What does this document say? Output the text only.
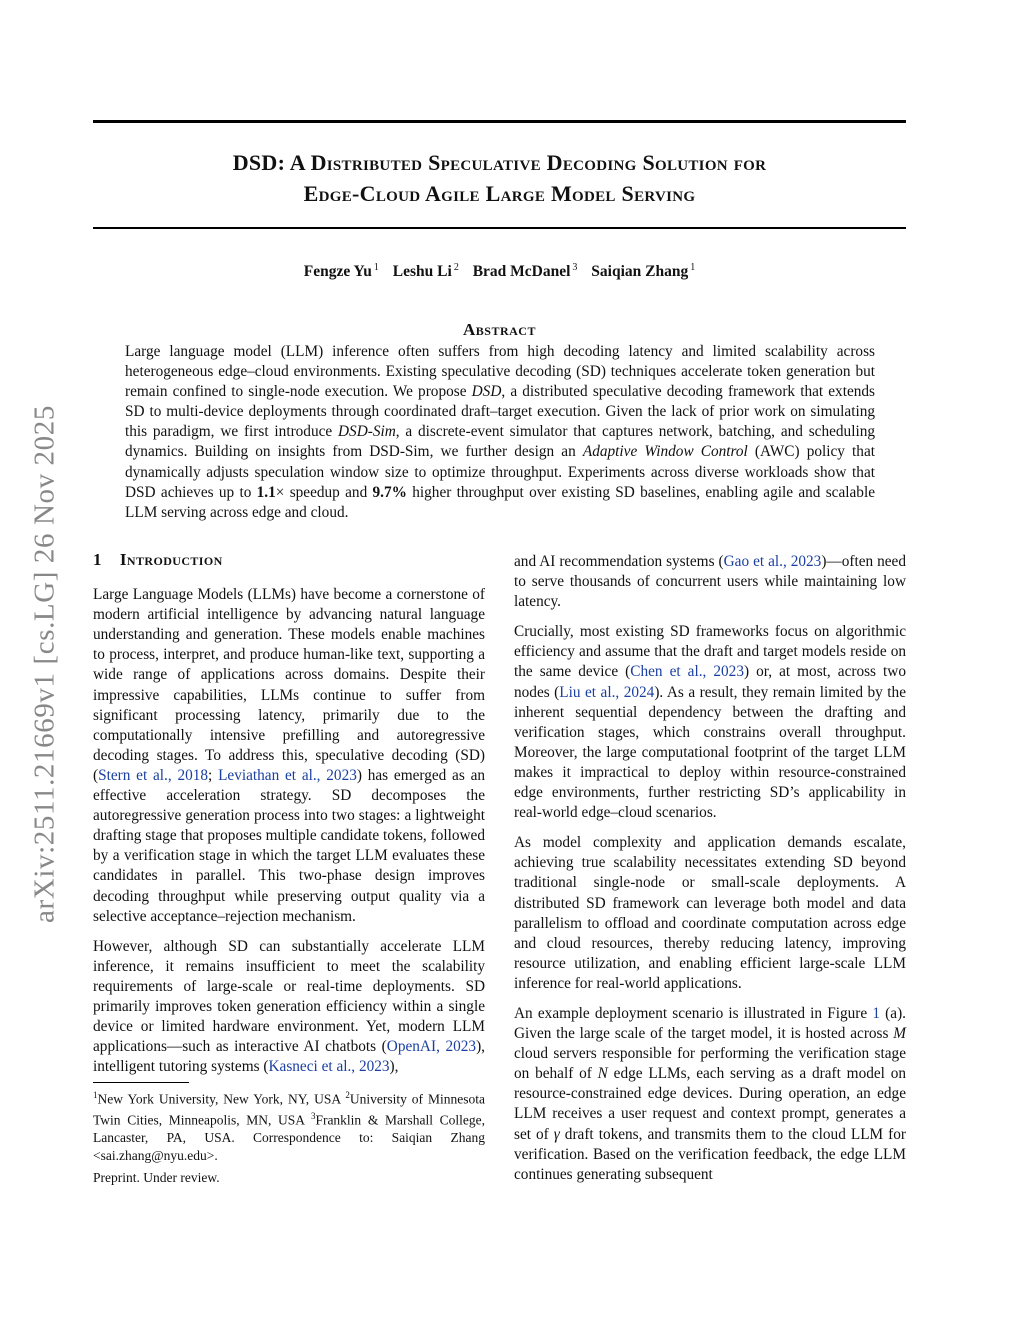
arXiv:2511.21669v1 [cs.LG] 26 Nov 2025
DSD: A Distributed Speculative Decoding Solution for
Edge-Cloud Agile Large Model Serving
Fengze Yu $^1$ Leshu Li $^2$ Brad McDanel $^3$ Saiqian Zhang $^1$
Abstract

Large language model (LLM) inference often suffers from high decoding latency and limited scalability across heterogeneous edge–cloud environments. Existing speculative decoding (SD) techniques accelerate token generation but remain confined to single-node execution. We propose DSD, a distributed speculative decoding framework that extends SD to multi-device deployments through coordinated draft–target execution. Given the lack of prior work on simulating this paradigm, we first introduce DSD-Sim, a discrete-event simulator that captures network, batching, and scheduling dynamics. Building on insights from DSD-Sim, we further design an Adaptive Window Control (AWC) policy that dynamically adjusts speculation window size to optimize throughput. Experiments across diverse workloads show that DSD achieves up to 1.1× speedup and 9.7% higher throughput over existing SD baselines, enabling agile and scalable LLM serving across edge and cloud.

1 Introduction

Large Language Models (LLMs) have become a cornerstone of modern artificial intelligence by advancing natural language understanding and generation. These models enable machines to process, interpret, and produce human-like text, supporting a wide range of applications across domains. Despite their impressive capabilities, LLMs continue to suffer from significant processing latency, primarily due to the computationally intensive prefilling and autoregressive decoding stages. To address this, speculative decoding (SD) (Stern et al., 2018; Leviathan et al., 2023) has emerged as an effective acceleration strategy. SD decomposes the autoregressive generation process into two stages: a lightweight drafting stage that proposes multiple candidate tokens, followed by a verification stage in which the target LLM evaluates these candidates in parallel. This two-phase design improves decoding throughput while preserving output quality via a selective acceptance–rejection mechanism.

However, although SD can substantially accelerate LLM inference, it remains insufficient to meet the scalability requirements of large-scale or real-time deployments. SD primarily improves token generation efficiency within a single device or limited hardware environment. Yet, modern LLM applications—such as interactive AI chatbots (OpenAI, 2023), intelligent tutoring systems (Kasneci et al., 2023),

$^1$New York University, New York, NY, USA $^2$University of Minnesota Twin Cities, Minneapolis, MN, USA $^3$Franklin & Marshall College, Lancaster, PA, USA. Correspondence to: Saiqian Zhang <sai.zhang@nyu.edu>.

Preprint. Under review.

and AI recommendation systems (Gao et al., 2023)—often need to serve thousands of concurrent users while maintaining low latency.

Crucially, most existing SD frameworks focus on algorithmic efficiency and assume that the draft and target models reside on the same device (Chen et al., 2023) or, at most, across two nodes (Liu et al., 2024). As a result, they remain limited by the inherent sequential dependency between the drafting and verification stages, which constrains overall throughput. Moreover, the large computational footprint of the target LLM makes it impractical to deploy within resource-constrained edge environments, further restricting SD’s applicability in real-world edge–cloud scenarios.

As model complexity and application demands escalate, achieving true scalability necessitates extending SD beyond traditional single-node or small-scale deployments. A distributed SD framework can leverage both model and data parallelism to offload and coordinate computation across edge and cloud resources, thereby reducing latency, improving resource utilization, and enabling efficient large-scale LLM inference for real-world applications.

An example deployment scenario is illustrated in Figure 1 (a). Given the large scale of the target model, it is hosted across M cloud servers responsible for performing the verification stage on behalf of N edge LLMs, each serving as a draft model on resource-constrained edge devices. During operation, an edge LLM receives a user request and context prompt, generates a set of γ draft tokens, and transmits them to the cloud LLM for verification. Based on the verification feedback, the edge LLM continues generating subsequent
